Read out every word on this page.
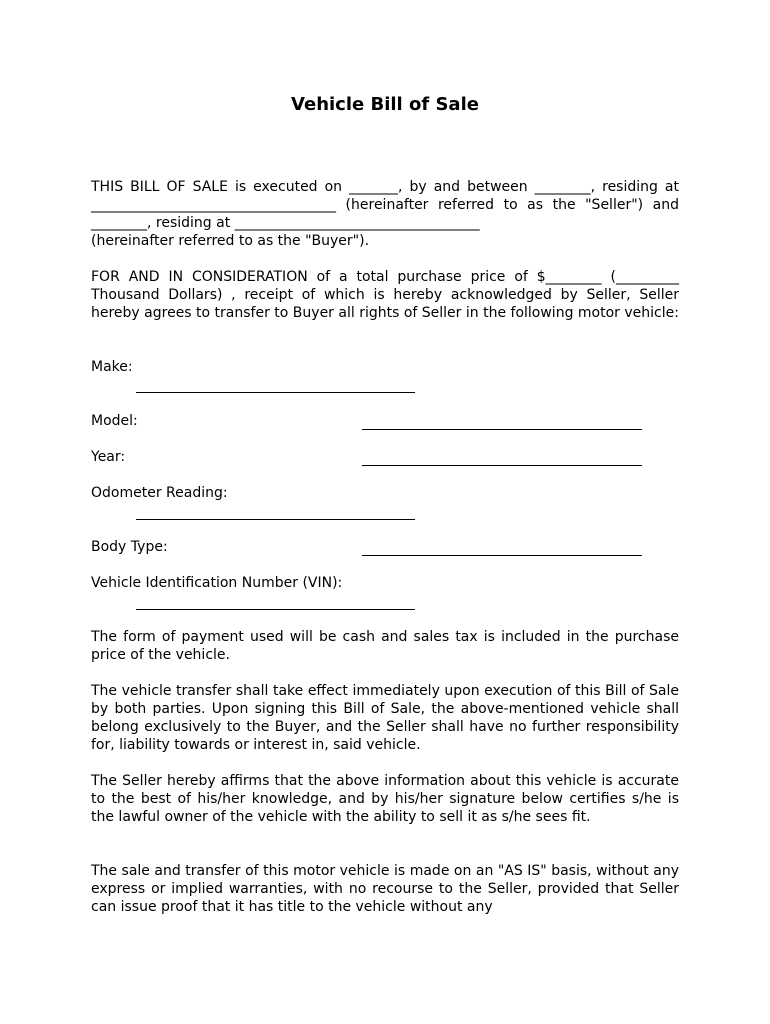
Vehicle Bill of Sale
THIS BILL OF SALE is executed on _______, by and between ________, residing at ___________________________________ (hereinafter referred to as the "Seller") and ________, residing at ___________________________________
(hereinafter referred to as the "Buyer").
FOR AND IN CONSIDERATION of a total purchase price of $________ (_________ Thousand Dollars) , receipt of which is hereby acknowledged by Seller, Seller hereby agrees to transfer to Buyer all rights of Seller in the following motor vehicle:
Make:
Model:
Year:
Odometer Reading:
Body Type:
Vehicle Identification Number (VIN):
The form of payment used will be cash and sales tax is included in the purchase price of the vehicle.
The vehicle transfer shall take effect immediately upon execution of this Bill of Sale by both parties. Upon signing this Bill of Sale, the above-mentioned vehicle shall belong exclusively to the Buyer, and the Seller shall have no further responsibility for, liability towards or interest in, said vehicle.
The Seller hereby affirms that the above information about this vehicle is accurate to the best of his/her knowledge, and by his/her signature below certifies s/he is the lawful owner of the vehicle with the ability to sell it as s/he sees fit.
The sale and transfer of this motor vehicle is made on an "AS IS" basis, without any express or implied warranties, with no recourse to the Seller, provided that Seller can issue proof that it has title to the vehicle without any
